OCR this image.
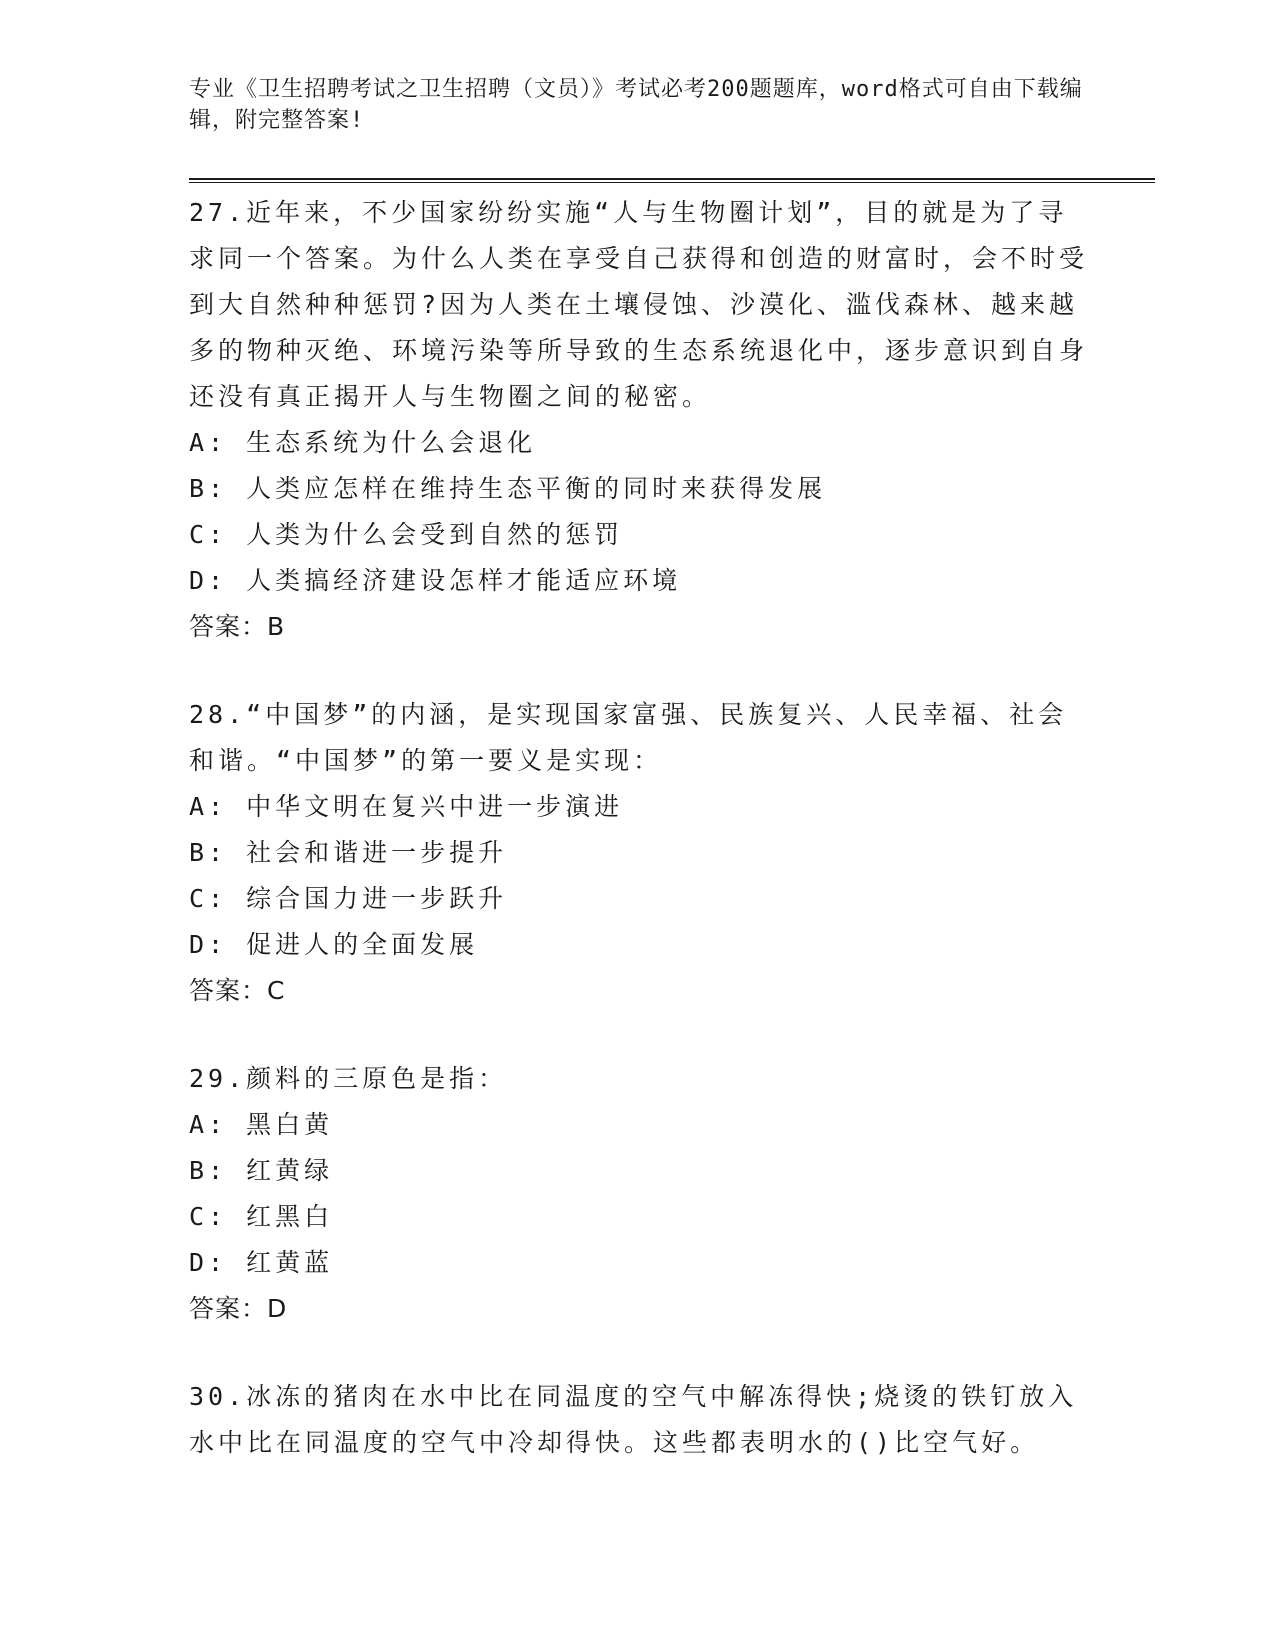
专业《卫生招聘考试之卫生招聘（文员）》考试必考200题题库，word格式可自由下载编辑，附完整答案!
27.近年来，不少国家纷纷实施“人与生物圈计划”，目的就是为了寻求同一个答案。为什么人类在享受自己获得和创造的财富时，会不时受到大自然种种惩罚?因为人类在土壤侵蚀、沙漠化、滥伐森林、越来越多的物种灭绝、环境污染等所导致的生态系统退化中，逐步意识到自身还没有真正揭开人与生物圈之间的秘密。
A: 生态系统为什么会退化
B: 人类应怎样在维持生态平衡的同时来获得发展
C: 人类为什么会受到自然的惩罚
D: 人类搞经济建设怎样才能适应环境
答案：B
28.“中国梦”的内涵，是实现国家富强、民族复兴、人民幸福、社会和谐。“中国梦”的第一要义是实现：
A: 中华文明在复兴中进一步演进
B: 社会和谐进一步提升
C: 综合国力进一步跃升
D: 促进人的全面发展
答案：C
29.颜料的三原色是指：
A: 黑白黄
B: 红黄绿
C: 红黑白
D: 红黄蓝
答案：D
30.冰冻的猪肉在水中比在同温度的空气中解冻得快;烧烫的铁钉放入水中比在同温度的空气中冷却得快。这些都表明水的()比空气好。
